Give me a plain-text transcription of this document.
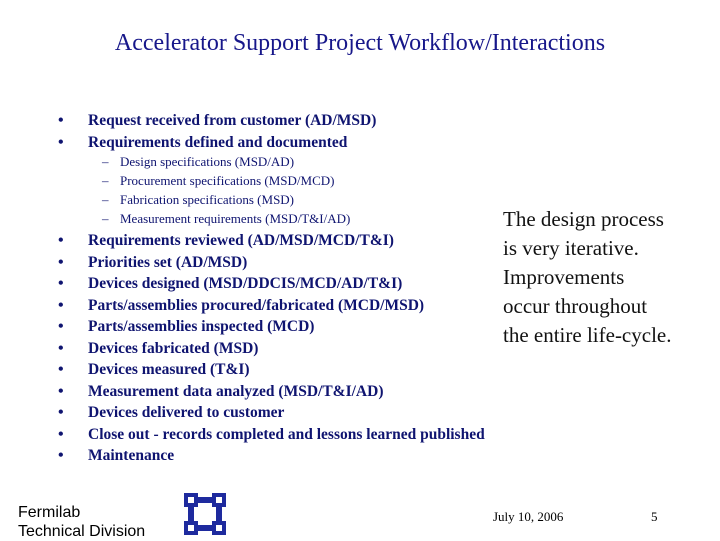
Accelerator Support Project Workflow/Interactions
• Request received from customer (AD/MSD)
• Requirements defined and documented
– Design specifications (MSD/AD)
– Procurement specifications (MSD/MCD)
– Fabrication specifications (MSD)
– Measurement requirements (MSD/T&I/AD)
• Requirements reviewed (AD/MSD/MCD/T&I)
• Priorities set (AD/MSD)
• Devices designed (MSD/DDCIS/MCD/AD/T&I)
• Parts/assemblies procured/fabricated (MCD/MSD)
• Parts/assemblies inspected (MCD)
• Devices fabricated (MSD)
• Devices measured (T&I)
• Measurement data analyzed (MSD/T&I/AD)
• Devices delivered to customer
• Close out - records completed and lessons learned published
• Maintenance
The design process
is very iterative.
Improvements
occur throughout
the entire life-cycle.
Fermilab
Technical Division
July 10, 2006	5
